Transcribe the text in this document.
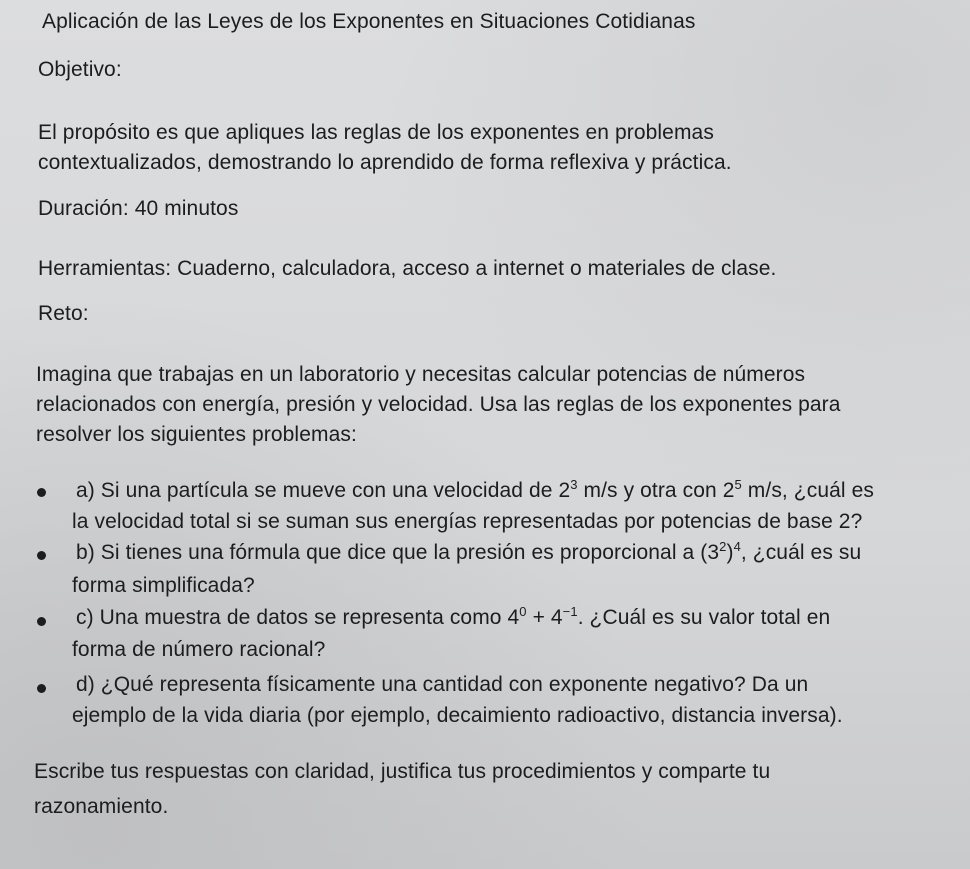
Aplicación de las Leyes de los Exponentes en Situaciones Cotidianas
Objetivo:
El propósito es que apliques las reglas de los exponentes en problemas
contextualizados, demostrando lo aprendido de forma reflexiva y práctica.
Duración: 40 minutos
Herramientas: Cuaderno, calculadora, acceso a internet o materiales de clase.
Reto:
Imagina que trabajas en un laboratorio y necesitas calcular potencias de números
relacionados con energía, presión y velocidad. Usa las reglas de los exponentes para
resolver los siguientes problemas:
a) Si una partícula se mueve con una velocidad de $2^3$ m/s y otra con $2^5$ m/s, ¿cuál es
la velocidad total si se suman sus energías representadas por potencias de base 2?
b) Si tienes una fórmula que dice que la presión es proporcional a $(3^2)^4$, ¿cuál es su
forma simplificada?
c) Una muestra de datos se representa como $4^0 + 4^{-1}$. ¿Cuál es su valor total en
forma de número racional?
d) ¿Qué representa físicamente una cantidad con exponente negativo? Da un
ejemplo de la vida diaria (por ejemplo, decaimiento radioactivo, distancia inversa).
Escribe tus respuestas con claridad, justifica tus procedimientos y comparte tu
razonamiento.
